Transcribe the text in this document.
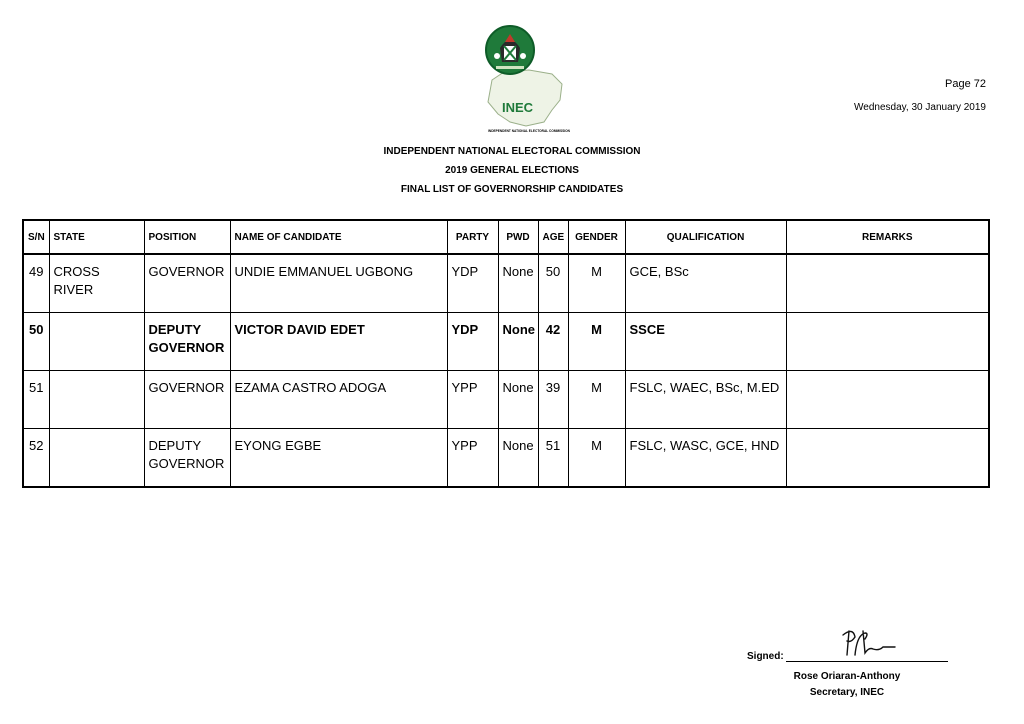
INEC
INDEPENDENT NATIONAL ELECTORAL COMMISSION
Page 72
Wednesday, 30 January 2019
INDEPENDENT NATIONAL ELECTORAL COMMISSION
2019 GENERAL ELECTIONS
FINAL LIST OF GOVERNORSHIP CANDIDATES
S/N	STATE	POSITION	NAME OF CANDIDATE	PARTY	PWD	AGE	GENDER	QUALIFICATION	REMARKS
49	CROSS RIVER	GOVERNOR	UNDIE EMMANUEL UGBONG	YDP	None	50	M	GCE, BSc	
50		DEPUTY GOVERNOR	VICTOR DAVID EDET	YDP	None	42	M	SSCE	
51		GOVERNOR	EZAMA CASTRO ADOGA	YPP	None	39	M	FSLC, WAEC, BSc, M.ED	
52		DEPUTY GOVERNOR	EYONG EGBE	YPP	None	51	M	FSLC, WASC, GCE, HND	
Signed:
Rose Oriaran-Anthony
Secretary, INEC
